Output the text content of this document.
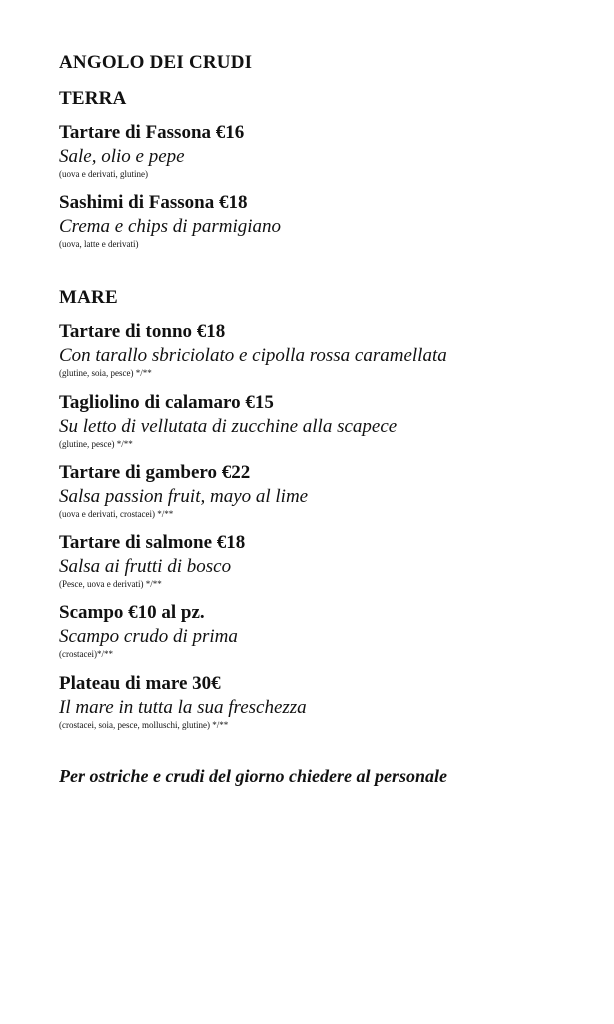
ANGOLO DEI CRUDI
TERRA
Tartare di Fassona €16
Sale, olio e pepe
(uova e derivati, glutine)
Sashimi di Fassona €18
Crema e chips di parmigiano
(uova, latte e derivati)
MARE
Tartare di tonno €18
Con tarallo sbriciolato e cipolla rossa caramellata
(glutine, soia, pesce) */**
Tagliolino di calamaro €15
Su letto di vellutata di zucchine alla scapece
(glutine, pesce) */**
Tartare di gambero €22
Salsa passion fruit, mayo al lime
(uova e derivati, crostacei) */**
Tartare di salmone €18
Salsa ai frutti di bosco
(Pesce, uova e derivati) */**
Scampo €10 al pz.
Scampo crudo di prima
(crostacei)*/**
Plateau di mare 30€
Il mare in tutta la sua freschezza
(crostacei, soia, pesce, molluschi, glutine) */**
Per ostriche e crudi del giorno chiedere al personale
